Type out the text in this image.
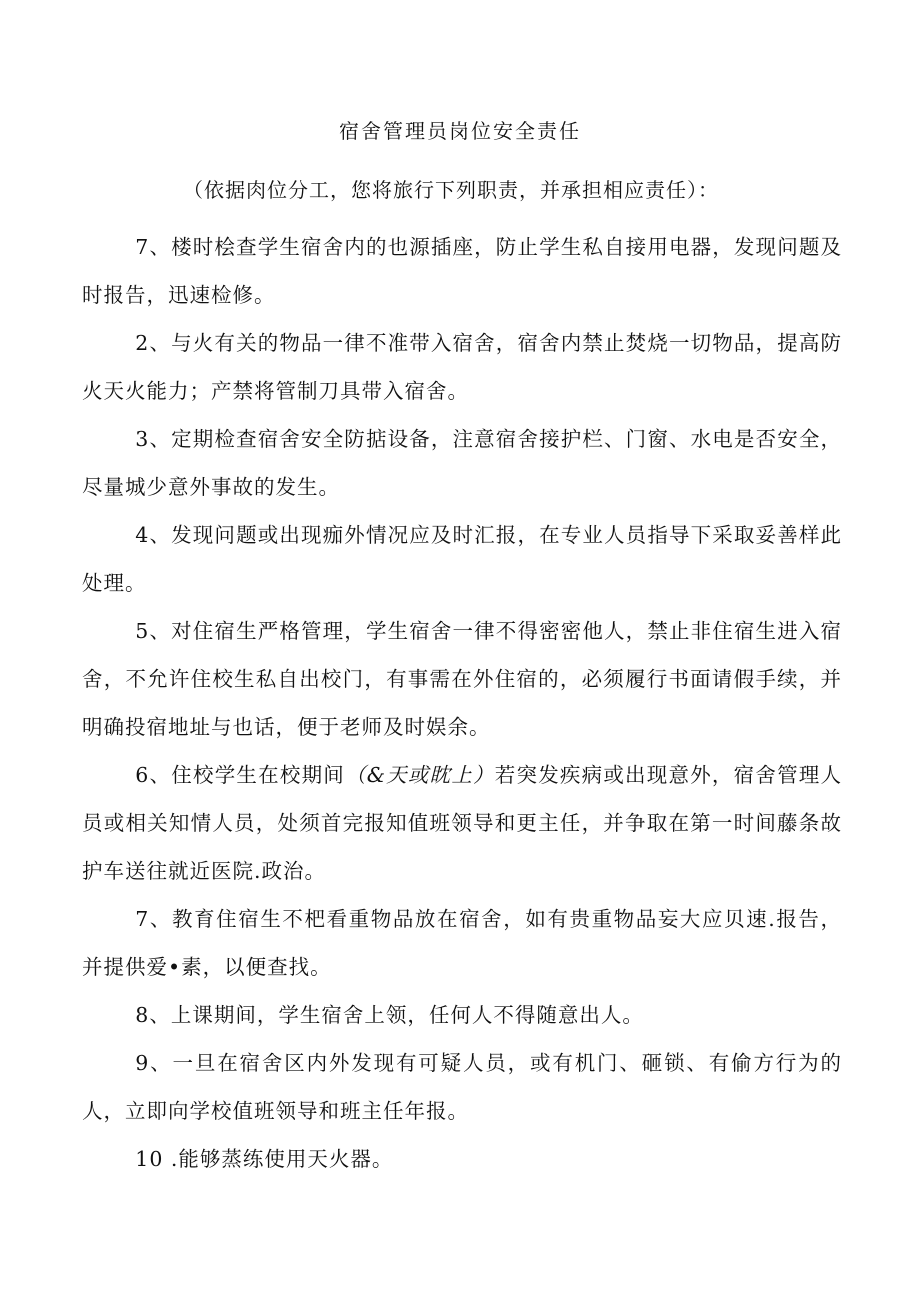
宿舍管理员岗位安全责任
（依据肉位分工，您将旅行下列职责，并承担相应责任）：

7、楼时桧查学生宿舍内的也源插座，防止学生私自接用电器，发现问题及时报告，迅速检修。

2、与火有关的物品一律不准带入宿舍，宿舍内禁止焚烧一切物品，提高防火天火能力；产禁将管制刀具带入宿舍。

3、定期检查宿舍安全防掂设备，注意宿舍接护栏、门窗、水电是否安全，尽量城少意外事故的发生。

4、发现问题或出现痂外情况应及时汇报，在专业人员指导下采取妥善样此处理。

5、对住宿生严格管理，学生宿舍一律不得密密他人，禁止非住宿生进入宿舍，不允许住校生私自出校门，有事需在外住宿的，必须履行书面请假手续，并明确投宿地址与也话，便于老师及时娱余。

6、住校学生在校期间（&天或眈上）若突发疾病或出现意外，宿舍管理人员或相关知情人员，处须首完报知值班领导和更主任，并争取在第一时间藤条故护车送往就近医院.政治。

7、教育住宿生不杷看重物品放在宿舍，如有贵重物品妄大应贝速.报告，并提供爱•素，以便查找。

8、上课期间，学生宿舍上领，任何人不得随意出人。

9、一旦在宿舍区内外发现有可疑人员，或有机门、砸锁、有偷方行为的人，立即向学校值班领导和班主任年报。

10 .能够蒸练使用天火器。
